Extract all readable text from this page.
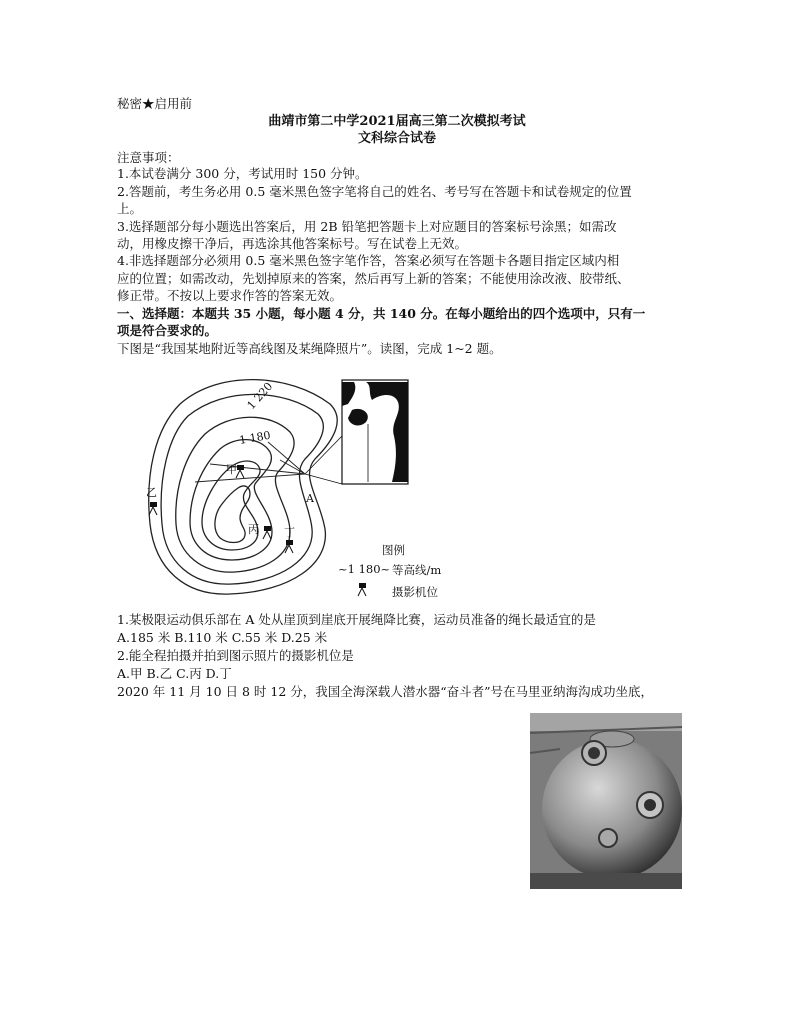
秘密★启用前
曲靖市第二中学2021届高三第二次模拟考试
文科综合试卷
注意事项：
1.本试卷满分 300 分，考试用时 150 分钟。
2.答题前，考生务必用 0.5 毫米黑色签字笔将自己的姓名、考号写在答题卡和试卷规定的位置
上。
3.选择题部分每小题选出答案后，用 2B 铅笔把答题卡上对应题目的答案标号涂黑；如需改
动，用橡皮擦干净后，再选涂其他答案标号。写在试卷上无效。
4.非选择题部分必须用 0.5 毫米黑色签字笔作答，答案必须写在答题卡各题目指定区域内相
应的位置；如需改动，先划掉原来的答案，然后再写上新的答案；不能使用涂改液、胶带纸、
修正带。不按以上要求作答的答案无效。
一、选择题：本题共 35 小题，每小题 4 分，共 140 分。在每小题给出的四个选项中，只有一
项是符合要求的。
下图是“我国某地附近等高线图及某绳降照片”。读图，完成 1~2 题。
1 220
1 180
A
甲
乙
丙 丁
图例
~1 180~ 等高线/m
摄影机位
1.某极限运动俱乐部在 A 处从崖顶到崖底开展绳降比赛，运动员准备的绳长最适宜的是
A.185 米 B.110 米 C.55 米 D.25 米
2.能全程拍摄并拍到图示照片的摄影机位是
A.甲 B.乙 C.丙 D.丁
2020 年 11 月 10 日 8 时 12 分，我国全海深载人潜水器“奋斗者”号在马里亚纳海沟成功坐底，
